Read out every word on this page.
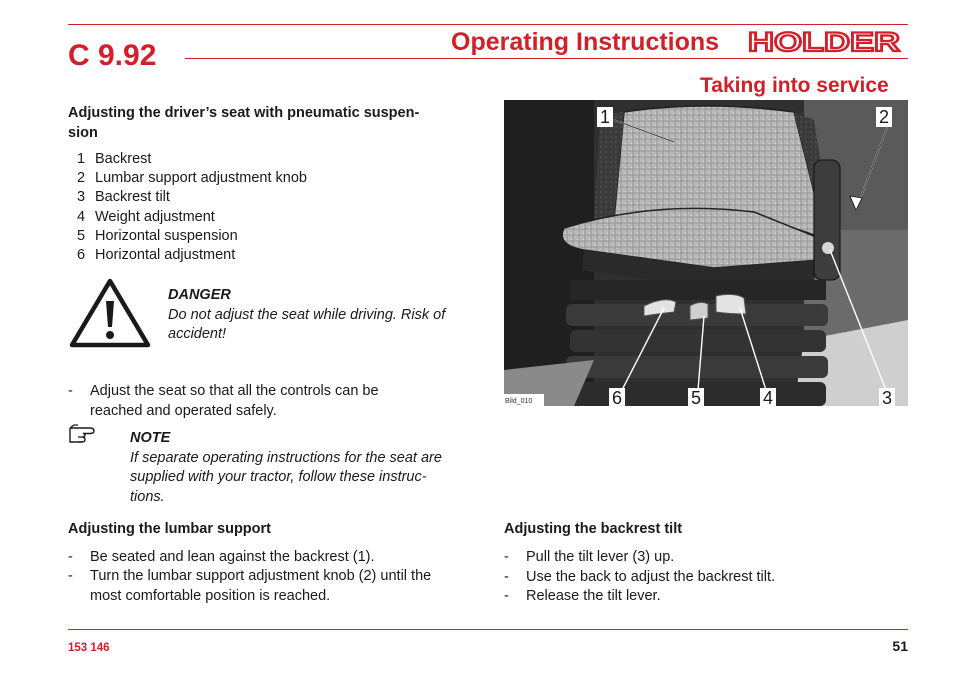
C 9.92	Operating Instructions HOLDER
Taking into service
Adjusting the driver’s seat with pneumatic suspen-
sion
1 Backrest
2 Lumbar support adjustment knob
3 Backrest tilt
4 Weight adjustment
5 Horizontal suspension
6 Horizontal adjustment
DANGER
Do not adjust the seat while driving. Risk of
accident!
- Adjust the seat so that all the controls can be
reached and operated safely.
NOTE
If separate operating instructions for the seat are
supplied with your tractor, follow these instruc-
tions.
Adjusting the lumbar support
- Be seated and lean against the backrest (1).
- Turn the lumbar support adjustment knob (2) until the
most comfortable position is reached.
1	2
6	5	4	3
Bild_010
Adjusting the backrest tilt
- Pull the tilt lever (3) up.
- Use the back to adjust the backrest tilt.
- Release the tilt lever.
153 146	51
